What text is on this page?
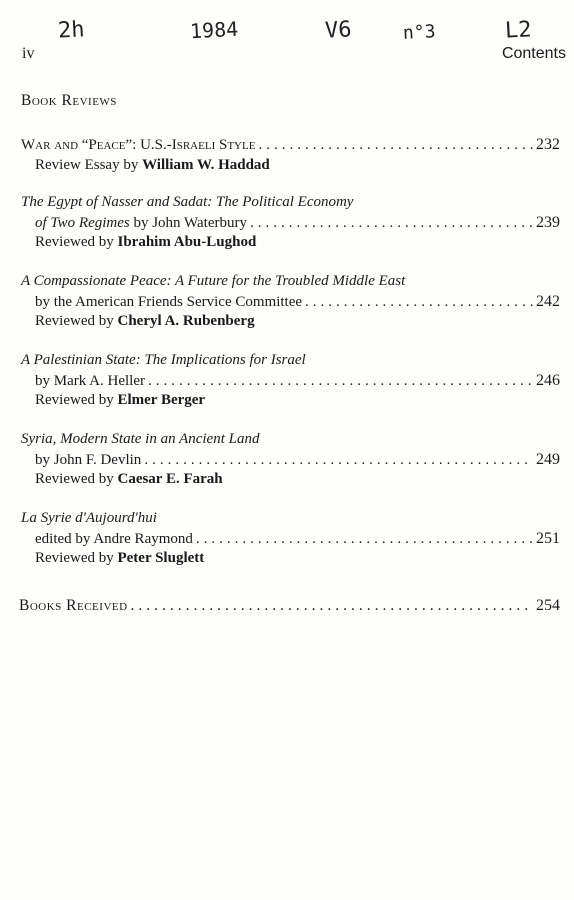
2h	1984	V6	n°3	L2
iv	Contents
Book Reviews
War and “Peace”: U.S.-Israeli Style .....	232
Review Essay by William W. Haddad
The Egypt of Nasser and Sadat: The Political Economy
of Two Regimes
by John Waterbury .....	239
Reviewed by Ibrahim Abu-Lughod
A Compassionate Peace: A Future for the Troubled Middle East
by the American Friends Service Committee .....	242
Reviewed by Cheryl A. Rubenberg
A Palestinian State: The Implications for Israel
by Mark A. Heller .....	246
Reviewed by Elmer Berger
Syria, Modern State in an Ancient Land
by John F. Devlin .....	249
Reviewed by Caesar E. Farah
La Syrie d'Aujourd'hui
edited by Andre Raymond .....	251
Reviewed by Peter Sluglett
Books Received .....	254
